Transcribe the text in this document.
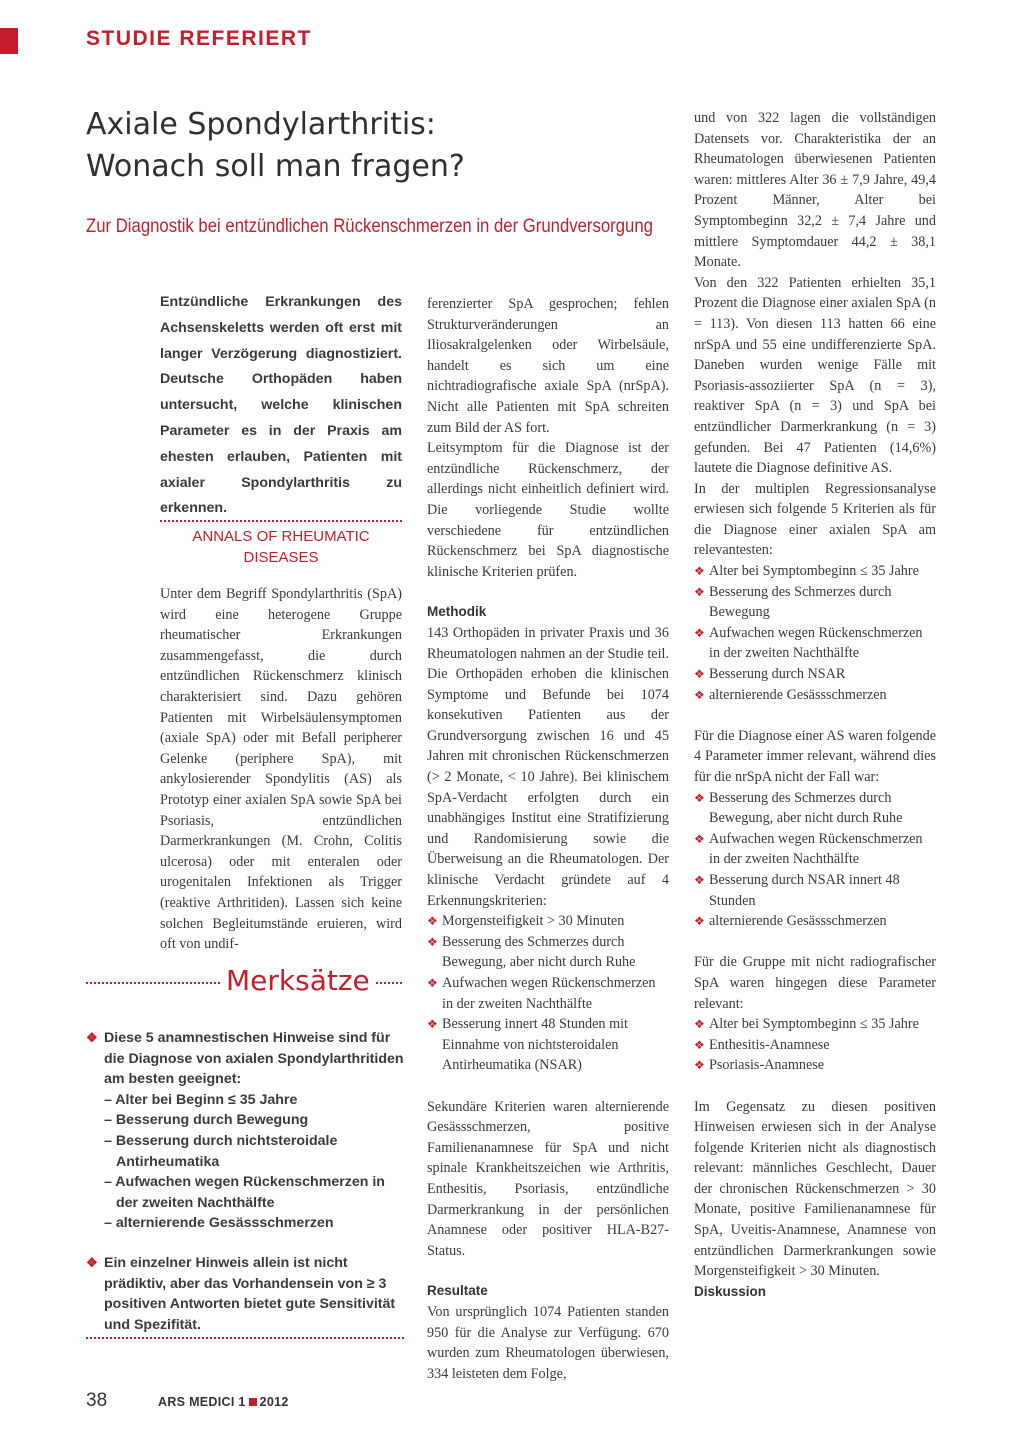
STUDIE REFERIERT
Axiale Spondylarthritis:
Wonach soll man fragen?
Zur Diagnostik bei entzündlichen Rückenschmerzen in der Grundversorgung
Entzündliche Erkrankungen des Achsenskeletts werden oft erst mit langer Verzögerung diagnostiziert. Deutsche Orthopäden haben untersucht, welche klinischen Parameter es in der Praxis am ehesten erlauben, Patienten mit axialer Spondylarthritis zu erkennen.
ANNALS OF RHEUMATIC
DISEASES

Unter dem Begriff Spondylarthritis (SpA) wird eine heterogene Gruppe rheumatischer Erkrankungen zusammengefasst, die durch entzündlichen Rückenschmerz klinisch charakterisiert sind. Dazu gehören Patienten mit Wirbelsäulensymptomen (axiale SpA) oder mit Befall peripherer Gelenke (periphere SpA), mit ankylosierender Spondylitis (AS) als Prototyp einer axialen SpA sowie SpA bei Psoriasis, entzündlichen Darmerkrankungen (M. Crohn, Colitis ulcerosa) oder mit enteralen oder urogenitalen Infektionen als Trigger (reaktive Arthritiden). Lassen sich keine solchen Begleitumstände eruieren, wird oft von undif-

Merksätze
❖ Diese 5 anamnestischen Hinweise sind für die Diagnose von axialen Spondylarthritiden am besten geeignet:
– Alter bei Beginn ≤ 35 Jahre
– Besserung durch Bewegung
– Besserung durch nichtsteroidale Antirheumatika
– Aufwachen wegen Rückenschmerzen in der zweiten Nachthälfte
– alternierende Gesässschmerzen
❖ Ein einzelner Hinweis allein ist nicht prädiktiv, aber das Vorhandensein von ≥ 3 positiven Antworten bietet gute Sensitivität und Spezifität.

ferenzierter SpA gesprochen; fehlen Strukturveränderungen an Iliosakralgelenken oder Wirbelsäule, handelt es sich um eine nichtradiografische axiale SpA (nrSpA). Nicht alle Patienten mit SpA schreiten zum Bild der AS fort.

Leitsymptom für die Diagnose ist der entzündliche Rückenschmerz, der allerdings nicht einheitlich definiert wird. Die vorliegende Studie wollte verschiedene für entzündlichen Rückenschmerz bei SpA diagnostische klinische Kriterien prüfen.

Methodik

143 Orthopäden in privater Praxis und 36 Rheumatologen nahmen an der Studie teil. Die Orthopäden erhoben die klinischen Symptome und Befunde bei 1074 konsekutiven Patienten aus der Grundversorgung zwischen 16 und 45 Jahren mit chronischen Rückenschmerzen (> 2 Monate, < 10 Jahre). Bei klinischem SpA-Verdacht erfolgten durch ein unabhängiges Institut eine Stratifizierung und Randomisierung sowie die Überweisung an die Rheumatologen. Der klinische Verdacht gründete auf 4 Erkennungskriterien:

❖ Morgensteifigkeit > 30 Minuten
❖ Besserung des Schmerzes durch Bewegung, aber nicht durch Ruhe
❖ Aufwachen wegen Rückenschmerzen in der zweiten Nachthälfte
❖ Besserung innert 48 Stunden mit Einnahme von nichtsteroidalen Antirheumatika (NSAR)

Sekundäre Kriterien waren alternierende Gesässschmerzen, positive Familienanamnese für SpA und nicht spinale Krankheitszeichen wie Arthritis, Enthesitis, Psoriasis, entzündliche Darmerkrankung in der persönlichen Anamnese oder positiver HLA-B27-Status.

Resultate

Von ursprünglich 1074 Patienten standen 950 für die Analyse zur Verfügung. 670 wurden zum Rheumatologen überwiesen, 334 leisteten dem Folge,

und von 322 lagen die vollständigen Datensets vor. Charakteristika der an Rheumatologen überwiesenen Patienten waren: mittleres Alter 36 ± 7,9 Jahre, 49,4 Prozent Männer, Alter bei Symptombeginn 32,2 ± 7,4 Jahre und mittlere Symptomdauer 44,2 ± 38,1 Monate.

Von den 322 Patienten erhielten 35,1 Prozent die Diagnose einer axialen SpA (n = 113). Von diesen 113 hatten 66 eine nrSpA und 55 eine undifferenzierte SpA. Daneben wurden wenige Fälle mit Psoriasis-assoziierter SpA (n = 3), reaktiver SpA (n = 3) und SpA bei entzündlicher Darmerkrankung (n = 3) gefunden. Bei 47 Patienten (14,6%) lautete die Diagnose definitive AS.

In der multiplen Regressionsanalyse erwiesen sich folgende 5 Kriterien als für die Diagnose einer axialen SpA am relevantesten:

❖ Alter bei Symptombeginn ≤ 35 Jahre
❖ Besserung des Schmerzes durch Bewegung
❖ Aufwachen wegen Rückenschmerzen in der zweiten Nachthälfte
❖ Besserung durch NSAR
❖ alternierende Gesässschmerzen

Für die Diagnose einer AS waren folgende 4 Parameter immer relevant, während dies für die nrSpA nicht der Fall war:

❖ Besserung des Schmerzes durch Bewegung, aber nicht durch Ruhe
❖ Aufwachen wegen Rückenschmerzen in der zweiten Nachthälfte
❖ Besserung durch NSAR innert 48 Stunden
❖ alternierende Gesässschmerzen

Für die Gruppe mit nicht radiografischer SpA waren hingegen diese Parameter relevant:

❖ Alter bei Symptombeginn ≤ 35 Jahre
❖ Enthesitis-Anamnese
❖ Psoriasis-Anamnese

Im Gegensatz zu diesen positiven Hinweisen erwiesen sich in der Analyse folgende Kriterien nicht als diagnostisch relevant: männliches Geschlecht, Dauer der chronischen Rückenschmerzen > 30 Monate, positive Familienanamnese für SpA, Uveitis-Anamnese, Anamnese von entzündlichen Darmerkrankungen sowie Morgensteifigkeit > 30 Minuten.

Diskussion

38	ARS MEDICI 1 2012
